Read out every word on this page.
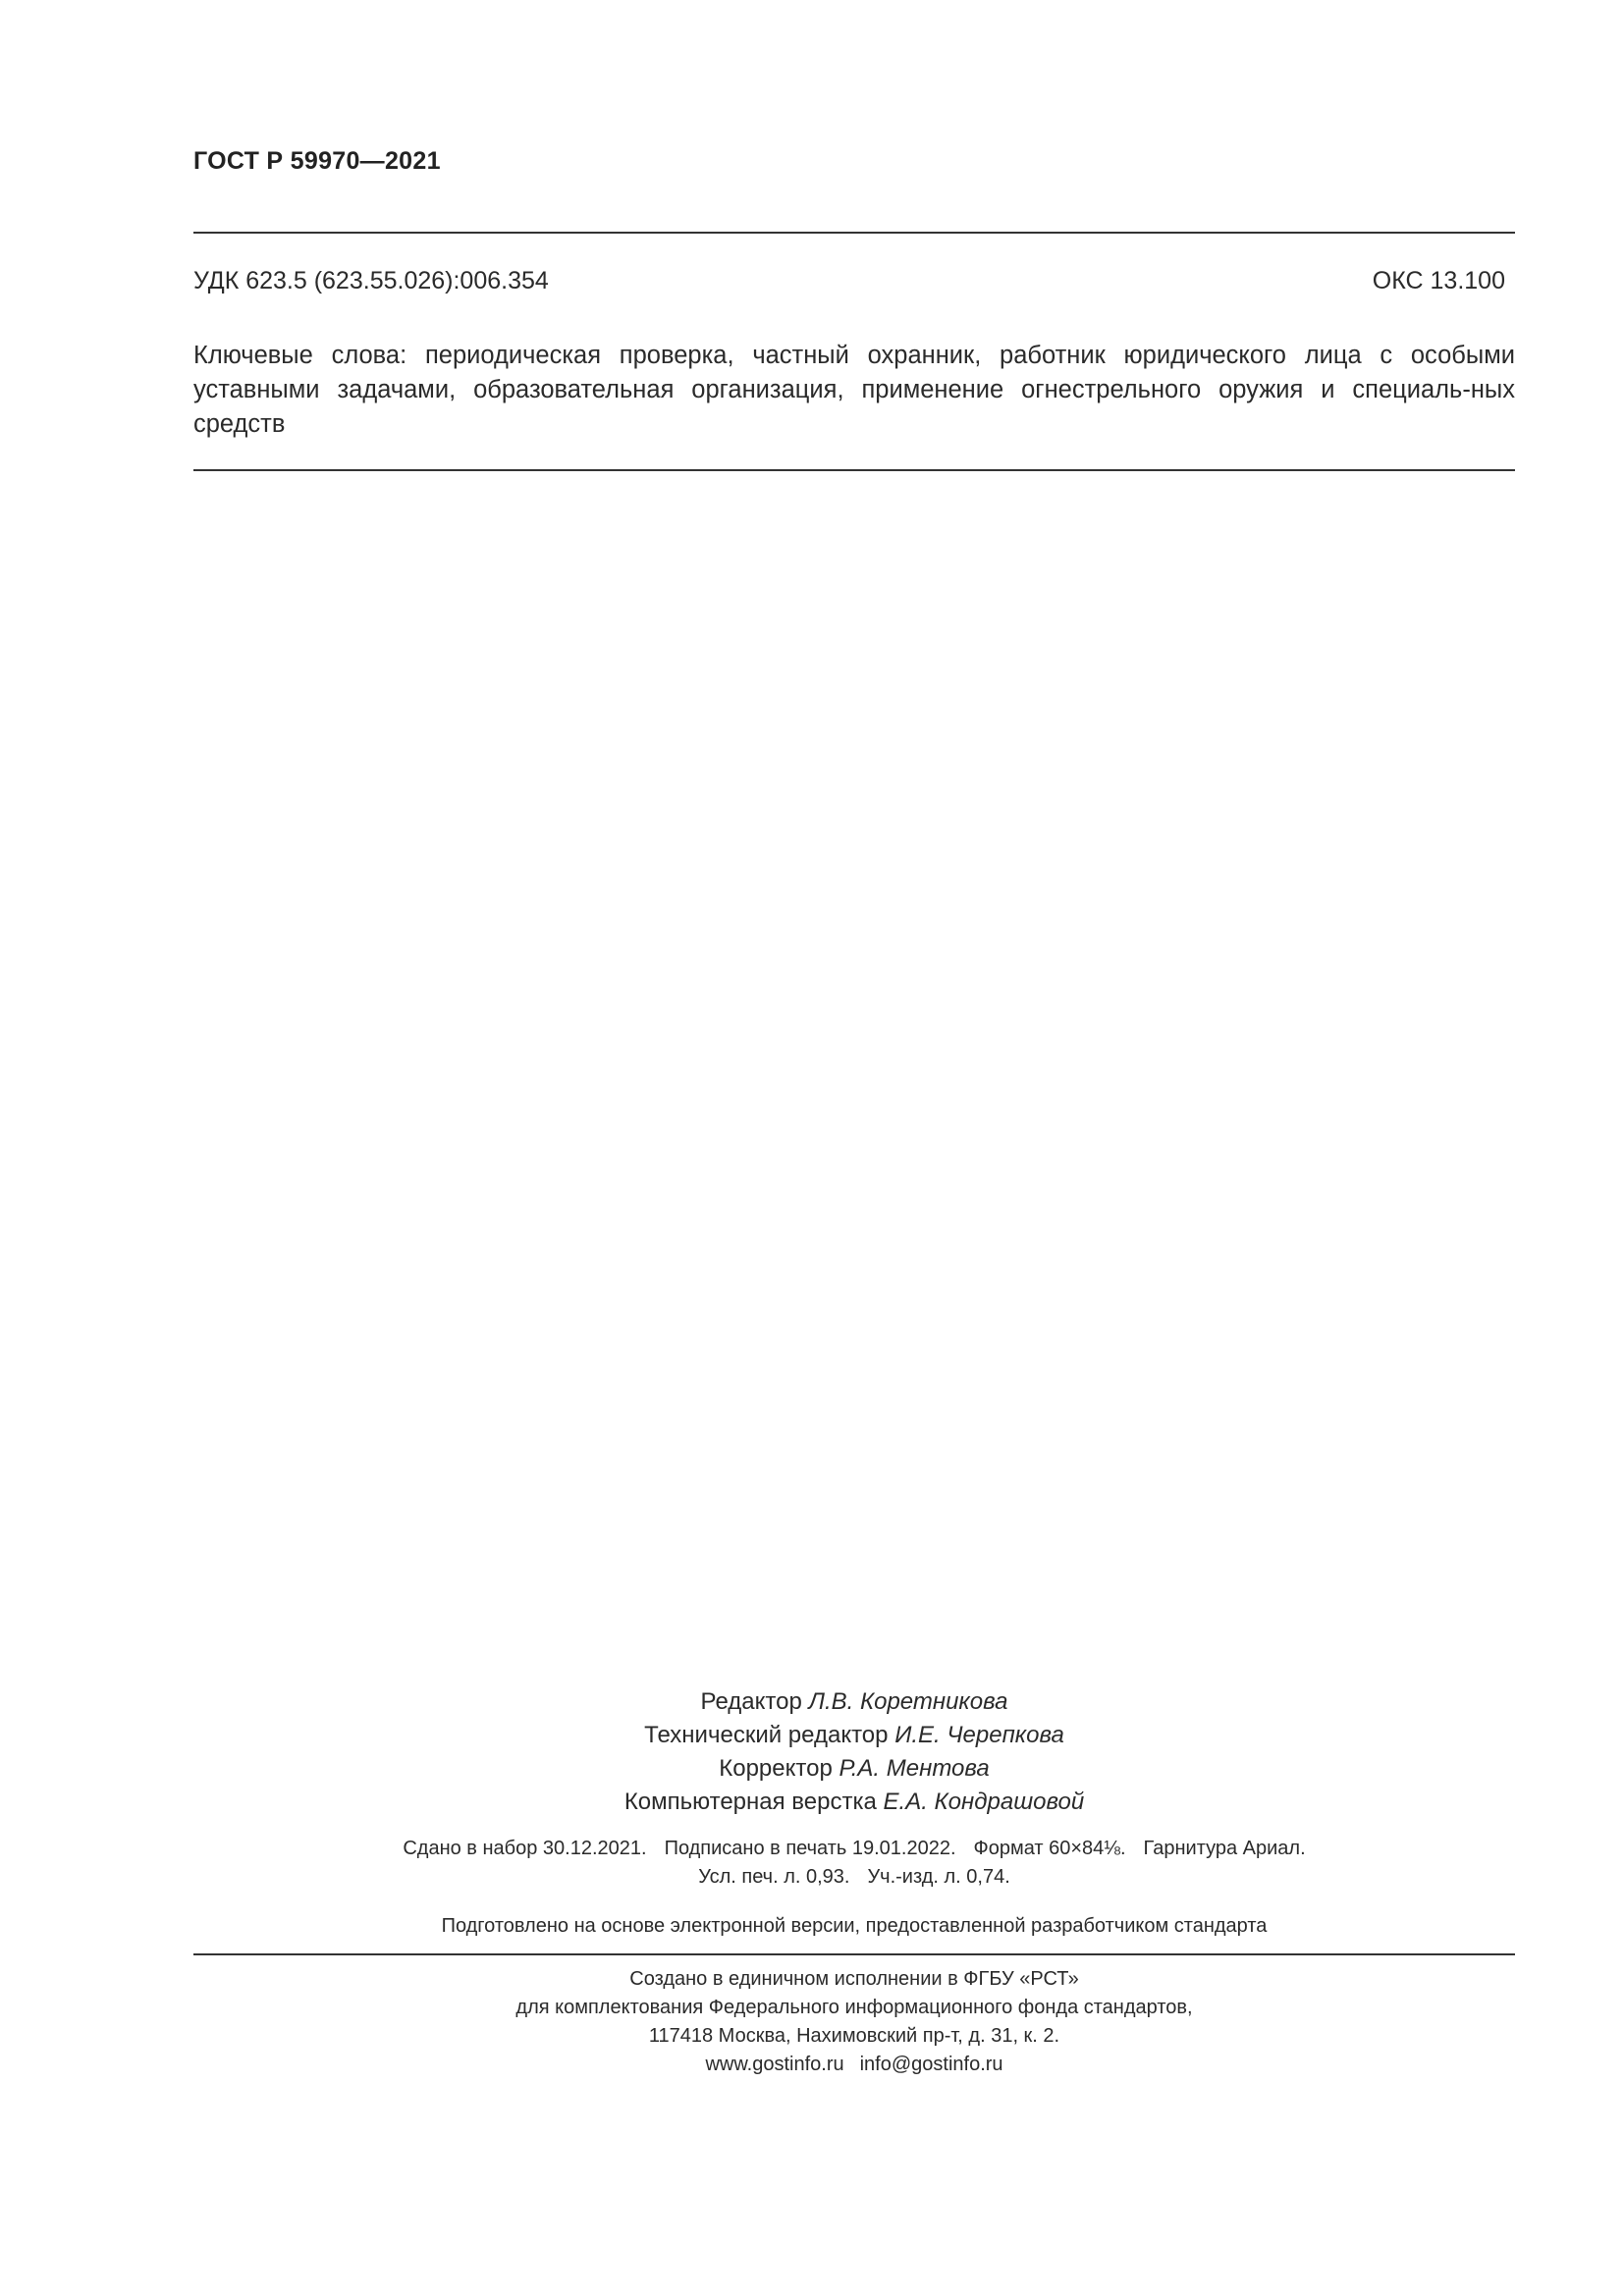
ГОСТ Р 59970—2021
УДК 623.5 (623.55.026):006.354	ОКС 13.100
Ключевые слова: периодическая проверка, частный охранник, работник юридического лица с особыми уставными задачами, образовательная организация, применение огнестрельного оружия и специаль-ных средств
Редактор Л.В. Коретникова
Технический редактор И.Е. Черепкова
Корректор Р.А. Ментова
Компьютерная верстка Е.А. Кондрашовой
Сдано в набор 30.12.2021. Подписано в печать 19.01.2022. Формат 60×84⅛. Гарнитура Ариал.
Усл. печ. л. 0,93. Уч.-изд. л. 0,74.
Подготовлено на основе электронной версии, предоставленной разработчиком стандарта
Создано в единичном исполнении в ФГБУ «РСТ»
для комплектования Федерального информационного фонда стандартов,
117418 Москва, Нахимовский пр-т, д. 31, к. 2.
www.gostinfo.ru info@gostinfo.ru
